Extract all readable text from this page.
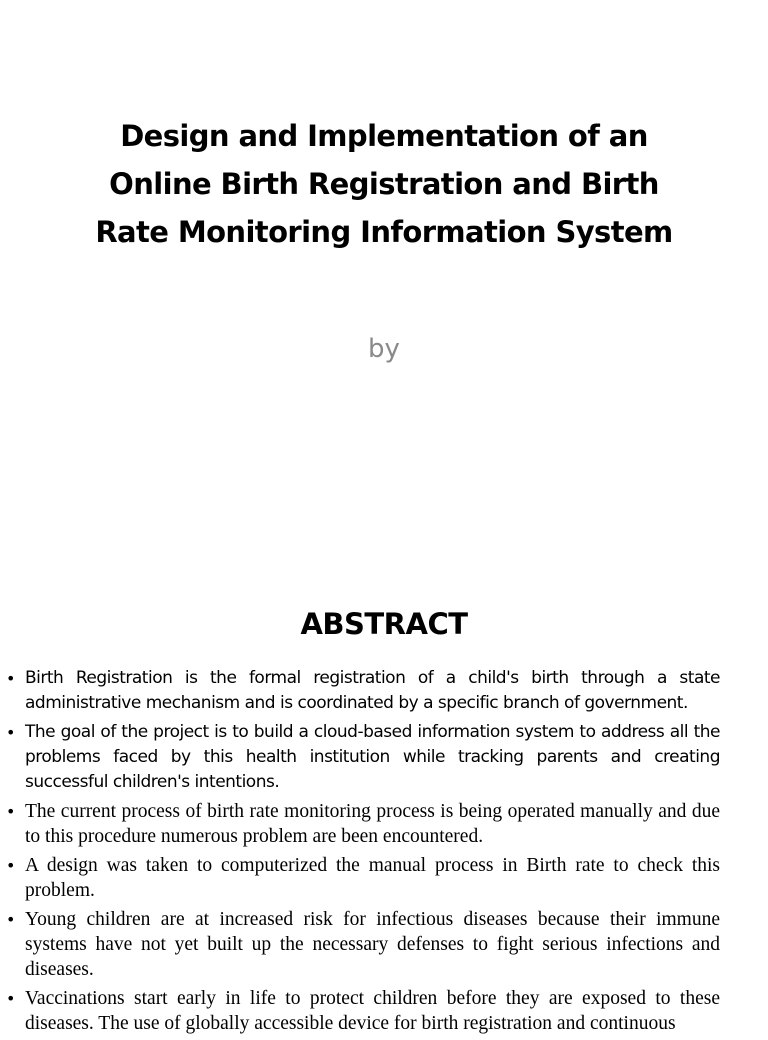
Design and Implementation of an
Online Birth Registration and Birth
Rate Monitoring Information System
by
ABSTRACT
• Birth Registration is the formal registration of a child's birth through a state administrative mechanism and is coordinated by a specific branch of government.
• The goal of the project is to build a cloud-based information system to address all the problems faced by this health institution while tracking parents and creating successful children's intentions.
• The current process of birth rate monitoring process is being operated manually and due to this procedure numerous problem are been encountered.
• A design was taken to computerized the manual process in Birth rate to check this problem.
• Young children are at increased risk for infectious diseases because their immune systems have not yet built up the necessary defenses to fight serious infections and diseases.
• Vaccinations start early in life to protect children before they are exposed to these diseases. The use of globally accessible device for birth registration and continuous
